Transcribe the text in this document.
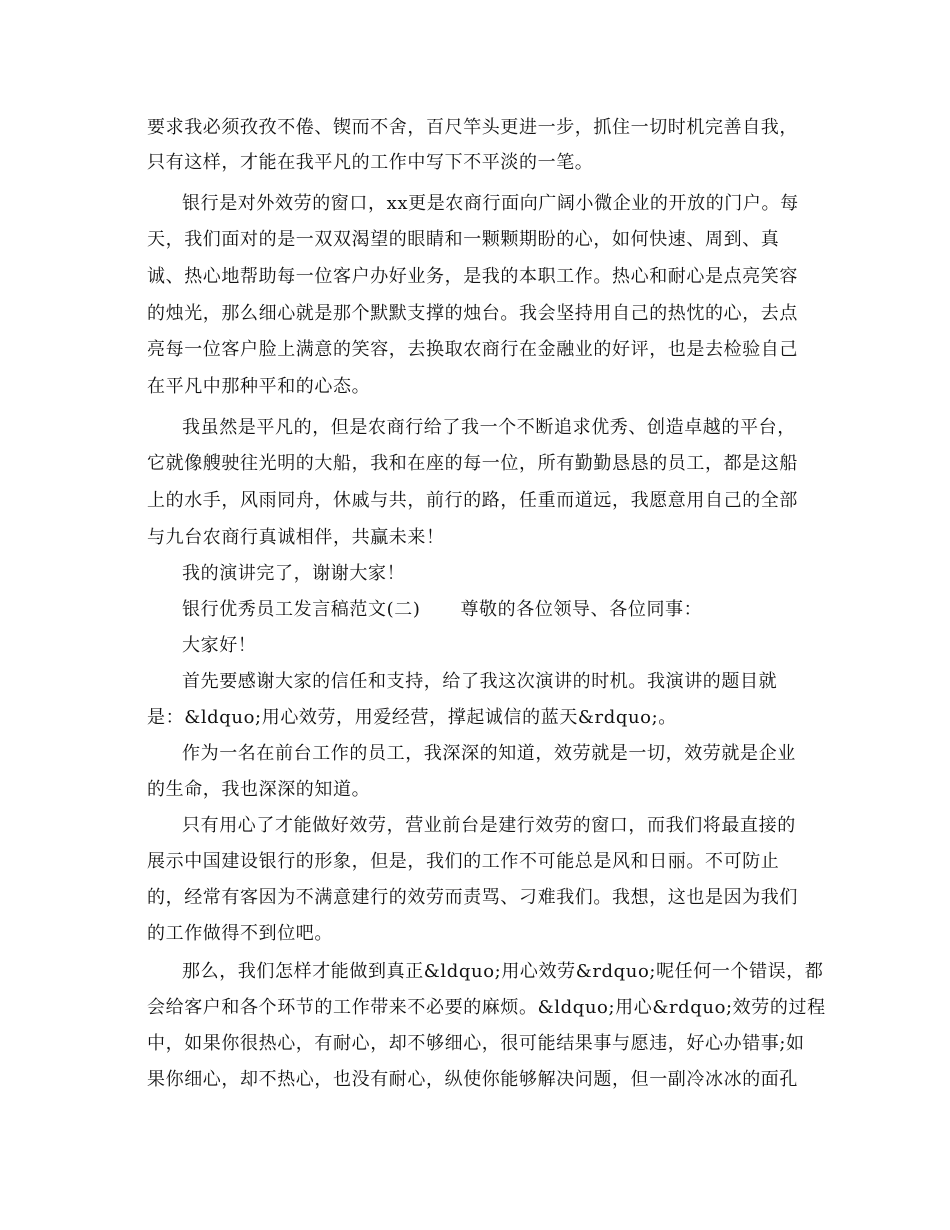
要求我必须孜孜不倦、锲而不舍，百尺竿头更进一步，抓住一切时机完善自我，
只有这样，才能在我平凡的工作中写下不平淡的一笔。
银行是对外效劳的窗口，xx更是农商行面向广阔小微企业的开放的门户。每
天，我们面对的是一双双渴望的眼睛和一颗颗期盼的心，如何快速、周到、真
诚、热心地帮助每一位客户办好业务，是我的本职工作。热心和耐心是点亮笑容
的烛光，那么细心就是那个默默支撑的烛台。我会坚持用自己的热忱的心，去点
亮每一位客户脸上满意的笑容，去换取农商行在金融业的好评，也是去检验自己
在平凡中那种平和的心态。
我虽然是平凡的，但是农商行给了我一个不断追求优秀、创造卓越的平台，
它就像艘驶往光明的大船，我和在座的每一位，所有勤勤恳恳的员工，都是这船
上的水手，风雨同舟，休戚与共，前行的路，任重而道远，我愿意用自己的全部
与九台农商行真诚相伴，共赢未来！
我的演讲完了，谢谢大家！
银行优秀员工发言稿范文(二) 尊敬的各位领导、各位同事：
大家好！
首先要感谢大家的信任和支持，给了我这次演讲的时机。我演讲的题目就
是：&ldquo;用心效劳，用爱经营，撑起诚信的蓝天&rdquo;。
作为一名在前台工作的员工，我深深的知道，效劳就是一切，效劳就是企业
的生命，我也深深的知道。
只有用心了才能做好效劳，营业前台是建行效劳的窗口，而我们将最直接的
展示中国建设银行的形象，但是，我们的工作不可能总是风和日丽。不可防止
的，经常有客因为不满意建行的效劳而责骂、刁难我们。我想，这也是因为我们
的工作做得不到位吧。
那么，我们怎样才能做到真正&ldquo;用心效劳&rdquo;呢任何一个错误，都
会给客户和各个环节的工作带来不必要的麻烦。&ldquo;用心&rdquo;效劳的过程
中，如果你很热心，有耐心，却不够细心，很可能结果事与愿违，好心办错事;如
果你细心，却不热心，也没有耐心，纵使你能够解决问题，但一副冷冰冰的面孔
